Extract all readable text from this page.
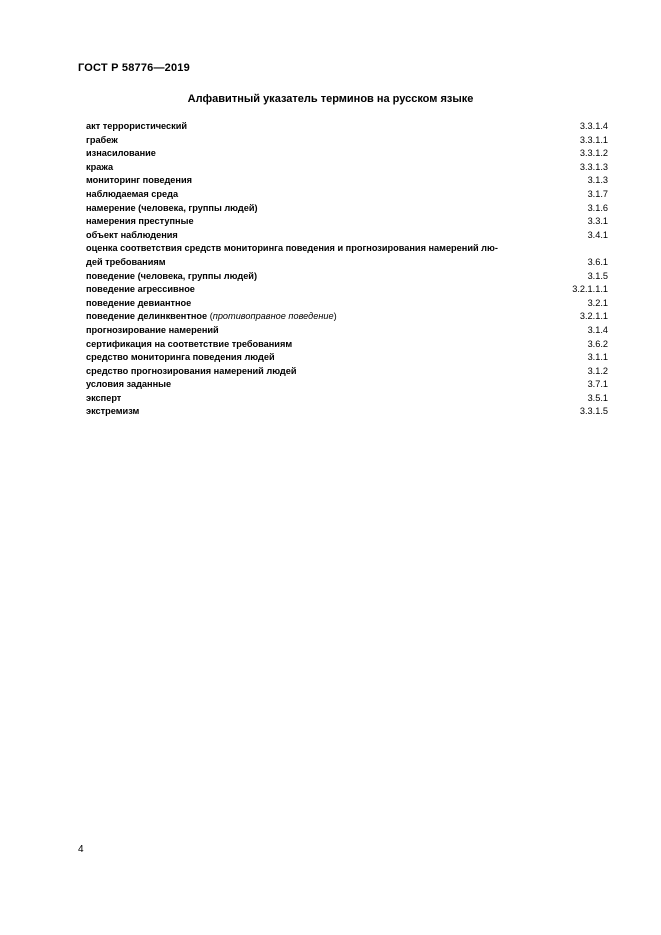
ГОСТ Р 58776—2019
Алфавитный указатель терминов на русском языке
акт террористический	3.3.1.4
грабеж	3.3.1.1
изнасилование	3.3.1.2
кража	3.3.1.3
мониторинг поведения	3.1.3
наблюдаемая среда	3.1.7
намерение (человека, группы людей)	3.1.6
намерения преступные	3.3.1
объект наблюдения	3.4.1
оценка соответствия средств мониторинга поведения и прогнозирования намерений лю-
дей требованиям	3.6.1
поведение (человека, группы людей)	3.1.5
поведение агрессивное	3.2.1.1.1
поведение девиантное	3.2.1
поведение делинквентное (противоправное поведение)	3.2.1.1
прогнозирование намерений	3.1.4
сертификация на соответствие требованиям	3.6.2
средство мониторинга поведения людей	3.1.1
средство прогнозирования намерений людей	3.1.2
условия заданные	3.7.1
эксперт	3.5.1
экстремизм	3.3.1.5
4
